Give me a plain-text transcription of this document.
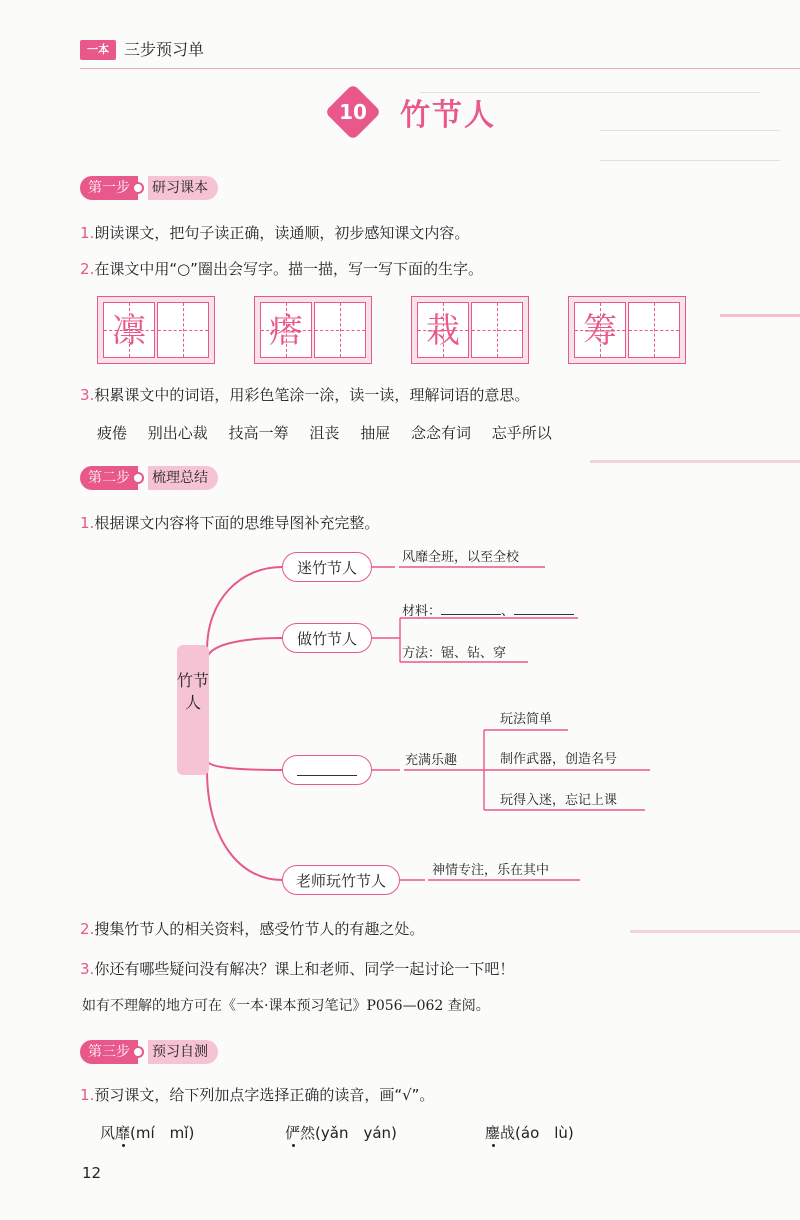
一本 三步预习单
10 竹节人
第一步	研习课本
1.朗读课文，把句子读正确，读通顺，初步感知课文内容。
2.在课文中用“○”圈出会写字。描一描，写一写下面的生字。
凛	瘩	栽	筹
3.积累课文中的词语，用彩色笔涂一涂，读一读，理解词语的意思。
疲倦 别出心裁 技高一筹 沮丧 抽屉 念念有词 忘乎所以
第二步	梳理总结
1.根据课文内容将下面的思维导图补充完整。
竹节人
迷竹节人
风靡全班，以至全校
做竹节人
材料：	、
方法：锯、钻、穿
充满乐趣
玩法简单
制作武器，创造名号
玩得入迷，忘记上课
老师玩竹节人
神情专注，乐在其中
2.搜集竹节人的相关资料，感受竹节人的有趣之处。
3.你还有哪些疑问没有解决？课上和老师、同学一起讨论一下吧！
如有不理解的地方可在《一本·课本预习笔记》P056—062 查阅。
第三步	预习自测
1.预习课文，给下列加点字选择正确的读音，画“√”。
风靡(mí　mǐ)	俨然(yǎn　yán)	鏖战(áo　lù)
12
